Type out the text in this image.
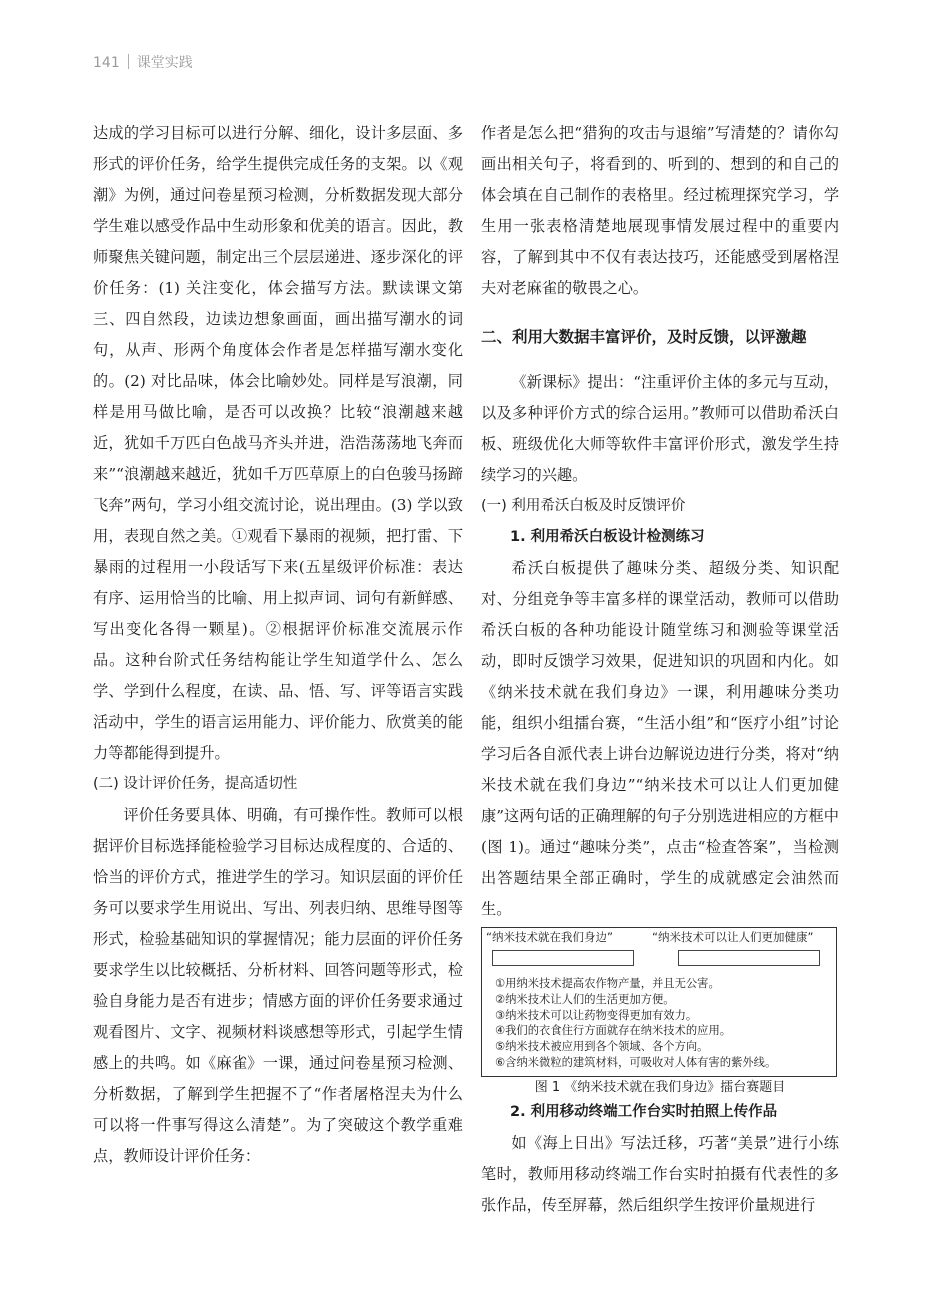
141 课堂实践

达成的学习目标可以进行分解、细化，设计多层面、多形式的评价任务，给学生提供完成任务的支架。以《观潮》为例，通过问卷星预习检测，分析数据发现大部分学生难以感受作品中生动形象和优美的语言。因此，教师聚焦关键问题，制定出三个层层递进、逐步深化的评价任务：(1) 关注变化，体会描写方法。默读课文第三、四自然段，边读边想象画面，画出描写潮水的词句，从声、形两个角度体会作者是怎样描写潮水变化的。(2) 对比品味，体会比喻妙处。同样是写浪潮，同样是用马做比喻，是否可以改换？比较“浪潮越来越近，犹如千万匹白色战马齐头并进，浩浩荡荡地飞奔而来”“浪潮越来越近，犹如千万匹草原上的白色骏马扬蹄飞奔”两句，学习小组交流讨论，说出理由。(3) 学以致用，表现自然之美。①观看下暴雨的视频，把打雷、下暴雨的过程用一小段话写下来(五星级评价标准：表达有序、运用恰当的比喻、用上拟声词、词句有新鲜感、写出变化各得一颗星)。②根据评价标准交流展示作品。这种台阶式任务结构能让学生知道学什么、怎么学、学到什么程度，在读、品、悟、写、评等语言实践活动中，学生的语言运用能力、评价能力、欣赏美的能力等都能得到提升。

(二) 设计评价任务，提高适切性

评价任务要具体、明确，有可操作性。教师可以根据评价目标选择能检验学习目标达成程度的、合适的、恰当的评价方式，推进学生的学习。知识层面的评价任务可以要求学生用说出、写出、列表归纳、思维导图等形式，检验基础知识的掌握情况；能力层面的评价任务要求学生以比较概括、分析材料、回答问题等形式，检验自身能力是否有进步；情感方面的评价任务要求通过观看图片、文字、视频材料谈感想等形式，引起学生情感上的共鸣。如《麻雀》一课，通过问卷星预习检测、分析数据，了解到学生把握不了“作者屠格涅夫为什么可以将一件事写得这么清楚”。为了突破这个教学重难点，教师设计评价任务：

作者是怎么把“猎狗的攻击与退缩”写清楚的？请你勾画出相关句子，将看到的、听到的、想到的和自己的体会填在自己制作的表格里。经过梳理探究学习，学生用一张表格清楚地展现事情发展过程中的重要内容，了解到其中不仅有表达技巧，还能感受到屠格涅夫对老麻雀的敬畏之心。

二、利用大数据丰富评价，及时反馈，以评激趣

《新课标》提出：“注重评价主体的多元与互动，以及多种评价方式的综合运用。”教师可以借助希沃白板、班级优化大师等软件丰富评价形式，激发学生持续学习的兴趣。

(一) 利用希沃白板及时反馈评价

1. 利用希沃白板设计检测练习

希沃白板提供了趣味分类、超级分类、知识配对、分组竞争等丰富多样的课堂活动，教师可以借助希沃白板的各种功能设计随堂练习和测验等课堂活动，即时反馈学习效果，促进知识的巩固和内化。如《纳米技术就在我们身边》一课，利用趣味分类功能，组织小组擂台赛，“生活小组”和“医疗小组”讨论学习后各自派代表上讲台边解说边进行分类，将对“纳米技术就在我们身边”“纳米技术可以让人们更加健康”这两句话的正确理解的句子分别选进相应的方框中(图 1)。通过“趣味分类”，点击“检查答案”，当检测出答题结果全部正确时，学生的成就感定会油然而生。

“纳米技术就在我们身边”	“纳米技术可以让人们更加健康”
①用纳米技术提高农作物产量，并且无公害。
②纳米技术让人们的生活更加方便。
③纳米技术可以让药物变得更加有效力。
④我们的衣食住行方面就存在纳米技术的应用。
⑤纳米技术被应用到各个领域、各个方向。
⑥含纳米微粒的建筑材料，可吸收对人体有害的紫外线。
图 1 《纳米技术就在我们身边》擂台赛题目

2. 利用移动终端工作台实时拍照上传作品

如《海上日出》写法迁移，巧著“美景”进行小练笔时，教师用移动终端工作台实时拍摄有代表性的多张作品，传至屏幕，然后组织学生按评价量规进行
